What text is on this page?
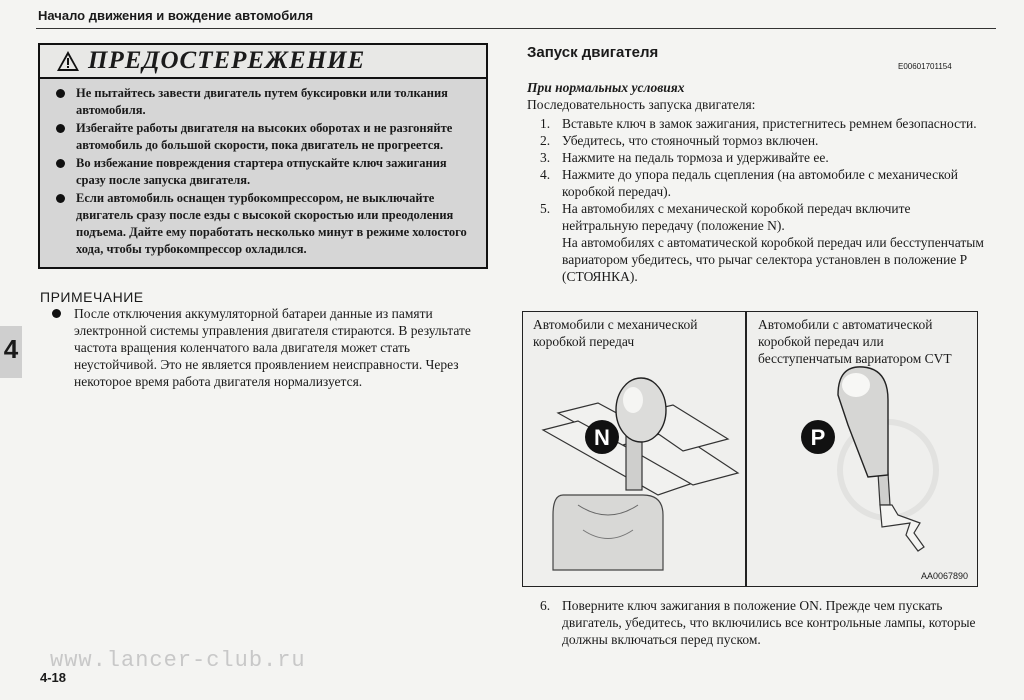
Начало движения и вождение автомобиля
ПРЕДОСТЕРЕЖЕНИЕ
Не пытайтесь завести двигатель путем буксировки или толкания автомобиля.
Избегайте работы двигателя на высоких оборотах и не разгоняйте автомобиль до большой скорости, пока двигатель не прогреется.
Во избежание повреждения стартера отпускайте ключ зажигания сразу после запуска двигателя.
Если автомобиль оснащен турбокомпрессором, не выключайте двигатель сразу после езды с высокой скоростью или преодоления подъема. Дайте ему поработать несколько минут в режиме холостого хода, чтобы турбокомпрессор охладился.
ПРИМЕЧАНИЕ
После отключения аккумуляторной батареи данные из памяти электронной системы управления двигателя стираются. В результате частота вращения коленчатого вала двигателя может стать неустойчивой. Это не является проявлением неисправности. Через некоторое время работа двигателя нормализуется.
4
www.lancer-club.ru
4-18
Запуск двигателя
E00601701154
При нормальных условиях
Последовательность запуска двигателя:
1. Вставьте ключ в замок зажигания, пристегнитесь ремнем безопасности.
2. Убедитесь, что стояночный тормоз включен.
3. Нажмите на педаль тормоза и удерживайте ее.
4. Нажмите до упора педаль сцепления (на автомобиле с механической коробкой передач).
5. На автомобилях с механической коробкой передач включите нейтральную передачу (положение N).
На автомобилях с автоматической коробкой передач или бесступенчатым вариатором убедитесь, что рычаг селектора установлен в положение P (СТОЯНКА).
Автомобили с механической коробкой передач
Автомобили с автоматической коробкой передач или бесступенчатым вариатором CVT
N	P
AA0067890
6. Поверните ключ зажигания в положение ON. Прежде чем пускать двигатель, убедитесь, что включились все контрольные лампы, которые должны включаться перед пуском.
